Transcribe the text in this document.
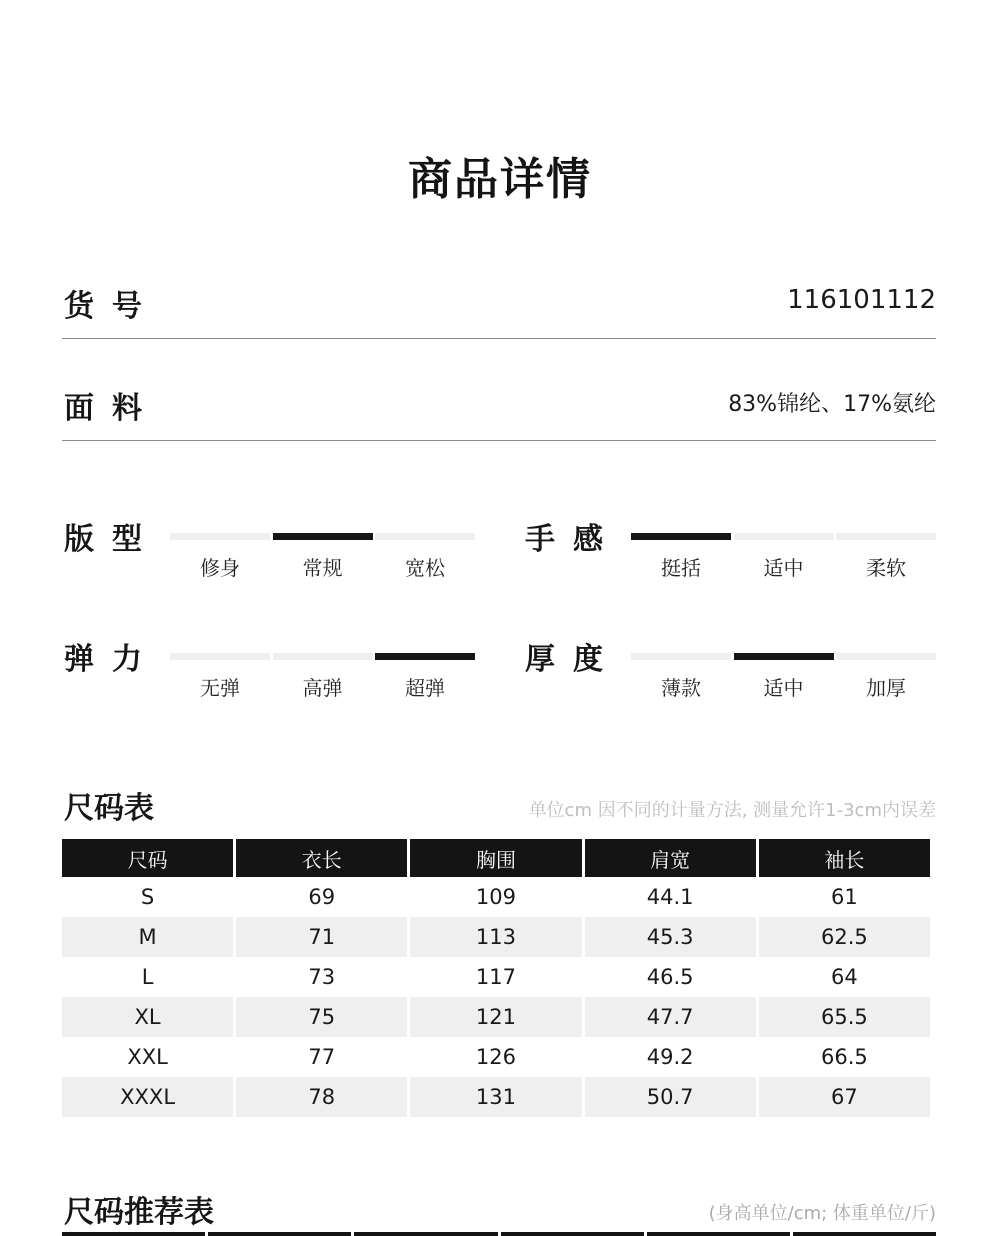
商品详情
货号	116101112
面料	83%锦纶、17%氨纶
版型
修身	常规	宽松
手感
挺括	适中	柔软
弹力
无弹	高弹	超弹
厚度
薄款	适中	加厚
尺码表	单位cm 因不同的计量方法, 测量允许1-3cm内误差
尺码	衣长	胸围	肩宽	袖长
S	69	109	44.1	61
M	71	113	45.3	62.5
L	73	117	46.5	64
XL	75	121	47.7	65.5
XXL	77	126	49.2	66.5
XXXL	78	131	50.7	67
尺码推荐表	(身高单位/cm; 体重单位/斤)
